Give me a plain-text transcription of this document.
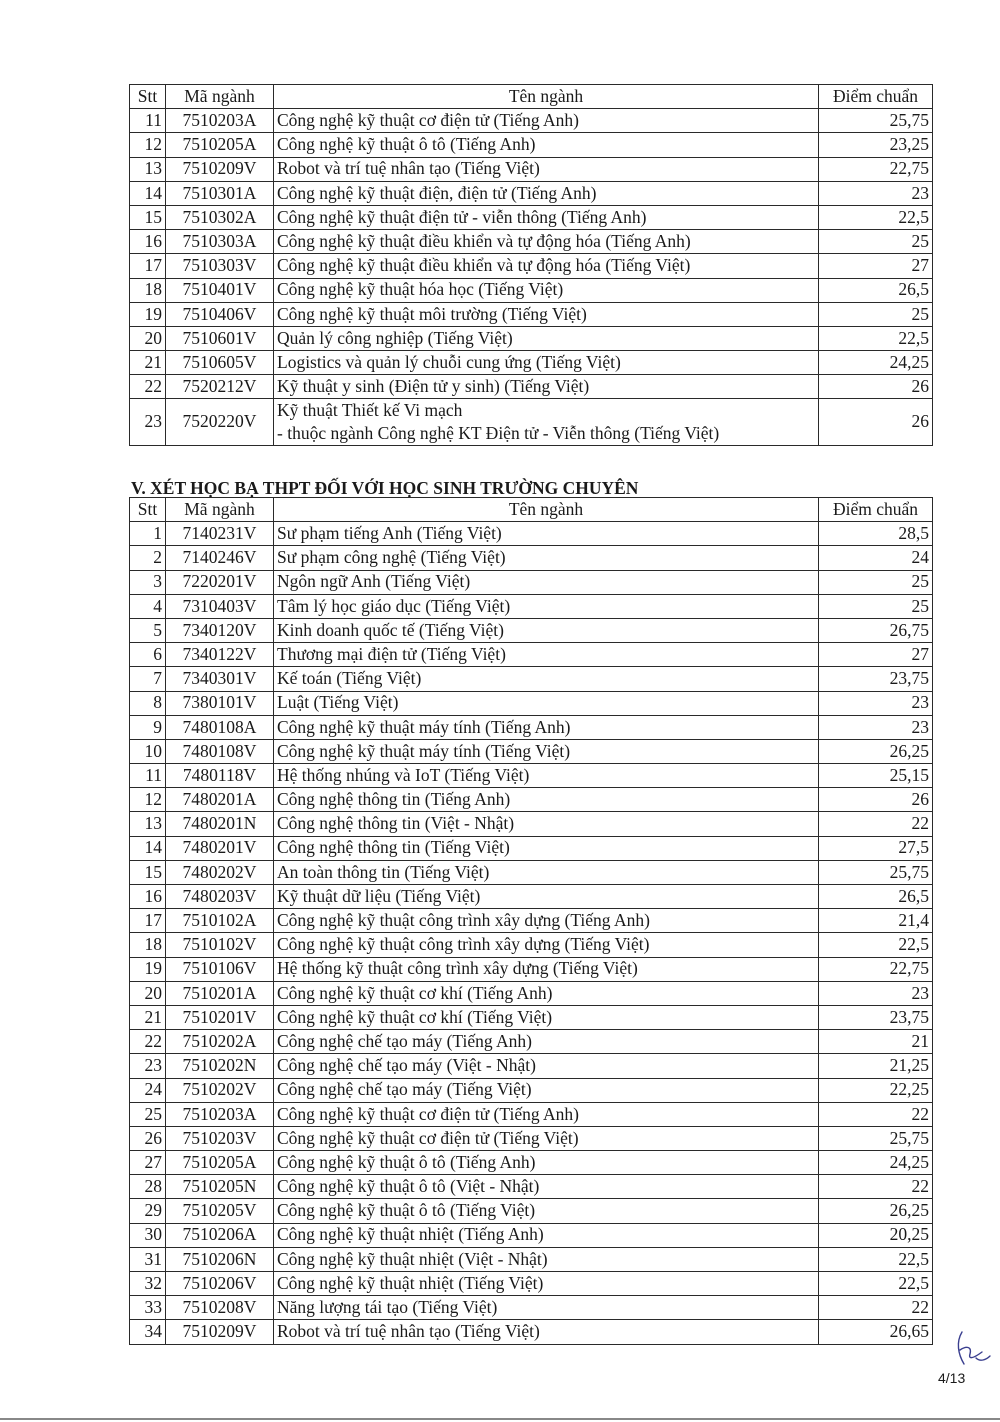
Stt	Mã ngành	Tên ngành	Điểm chuẩn
11	7510203A	Công nghệ kỹ thuật cơ điện tử (Tiếng Anh)	25,75
12	7510205A	Công nghệ kỹ thuật ô tô (Tiếng Anh)	23,25
13	7510209V	Robot và trí tuệ nhân tạo (Tiếng Việt)	22,75
14	7510301A	Công nghệ kỹ thuật điện, điện tử (Tiếng Anh)	23
15	7510302A	Công nghệ kỹ thuật điện tử - viễn thông (Tiếng Anh)	22,5
16	7510303A	Công nghệ kỹ thuật điều khiển và tự động hóa (Tiếng Anh)	25
17	7510303V	Công nghệ kỹ thuật điều khiển và tự động hóa (Tiếng Việt)	27
18	7510401V	Công nghệ kỹ thuật hóa học (Tiếng Việt)	26,5
19	7510406V	Công nghệ kỹ thuật môi trường (Tiếng Việt)	25
20	7510601V	Quản lý công nghiệp (Tiếng Việt)	22,5
21	7510605V	Logistics và quản lý chuỗi cung ứng (Tiếng Việt)	24,25
22	7520212V	Kỹ thuật y sinh (Điện tử y sinh) (Tiếng Việt)	26
23	7520220V	Kỹ thuật Thiết kế Vi mạch
- thuộc ngành Công nghệ KT Điện tử - Viễn thông (Tiếng Việt)	26
V. XÉT HỌC BẠ THPT ĐỐI VỚI HỌC SINH TRƯỜNG CHUYÊN
Stt	Mã ngành	Tên ngành	Điểm chuẩn
1	7140231V	Sư phạm tiếng Anh (Tiếng Việt)	28,5
2	7140246V	Sư phạm công nghệ (Tiếng Việt)	24
3	7220201V	Ngôn ngữ Anh (Tiếng Việt)	25
4	7310403V	Tâm lý học giáo dục (Tiếng Việt)	25
5	7340120V	Kinh doanh quốc tế (Tiếng Việt)	26,75
6	7340122V	Thương mại điện tử (Tiếng Việt)	27
7	7340301V	Kế toán (Tiếng Việt)	23,75
8	7380101V	Luật (Tiếng Việt)	23
9	7480108A	Công nghệ kỹ thuật máy tính (Tiếng Anh)	23
10	7480108V	Công nghệ kỹ thuật máy tính (Tiếng Việt)	26,25
11	7480118V	Hệ thống nhúng và IoT (Tiếng Việt)	25,15
12	7480201A	Công nghệ thông tin (Tiếng Anh)	26
13	7480201N	Công nghệ thông tin (Việt - Nhật)	22
14	7480201V	Công nghệ thông tin (Tiếng Việt)	27,5
15	7480202V	An toàn thông tin (Tiếng Việt)	25,75
16	7480203V	Kỹ thuật dữ liệu (Tiếng Việt)	26,5
17	7510102A	Công nghệ kỹ thuật công trình xây dựng (Tiếng Anh)	21,4
18	7510102V	Công nghệ kỹ thuật công trình xây dựng (Tiếng Việt)	22,5
19	7510106V	Hệ thống kỹ thuật công trình xây dựng (Tiếng Việt)	22,75
20	7510201A	Công nghệ kỹ thuật cơ khí (Tiếng Anh)	23
21	7510201V	Công nghệ kỹ thuật cơ khí (Tiếng Việt)	23,75
22	7510202A	Công nghệ chế tạo máy (Tiếng Anh)	21
23	7510202N	Công nghệ chế tạo máy (Việt - Nhật)	21,25
24	7510202V	Công nghệ chế tạo máy (Tiếng Việt)	22,25
25	7510203A	Công nghệ kỹ thuật cơ điện tử (Tiếng Anh)	22
26	7510203V	Công nghệ kỹ thuật cơ điện tử (Tiếng Việt)	25,75
27	7510205A	Công nghệ kỹ thuật ô tô (Tiếng Anh)	24,25
28	7510205N	Công nghệ kỹ thuật ô tô (Việt - Nhật)	22
29	7510205V	Công nghệ kỹ thuật ô tô (Tiếng Việt)	26,25
30	7510206A	Công nghệ kỹ thuật nhiệt (Tiếng Anh)	20,25
31	7510206N	Công nghệ kỹ thuật nhiệt (Việt - Nhật)	22,5
32	7510206V	Công nghệ kỹ thuật nhiệt (Tiếng Việt)	22,5
33	7510208V	Năng lượng tái tạo (Tiếng Việt)	22
34	7510209V	Robot và trí tuệ nhân tạo (Tiếng Việt)	26,65
4/13
